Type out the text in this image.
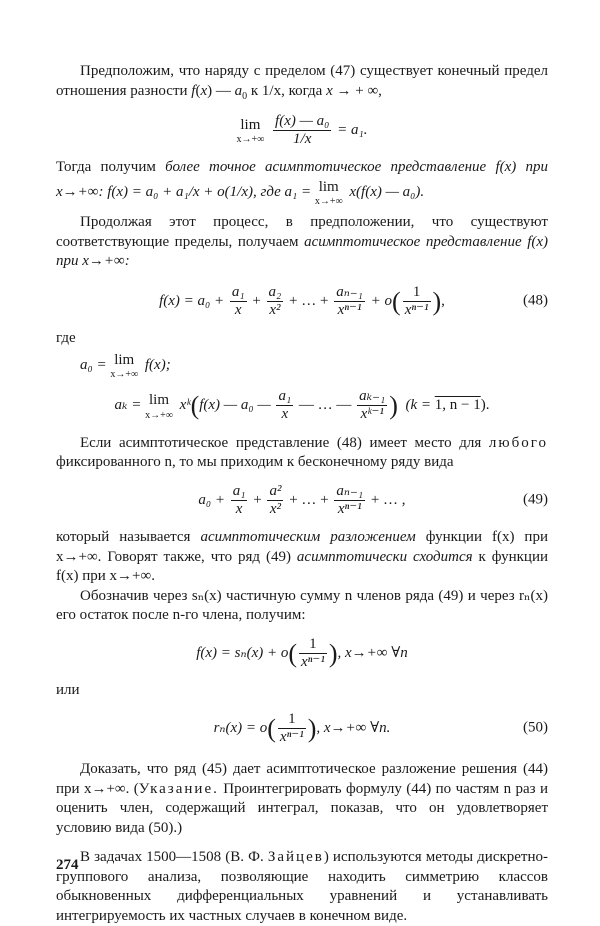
Предположим, что наряду с пределом (47) существует конечный предел отношения разности f(x) — $a_0$ к 1/x, когда x → + ∞,

lim
x→+∞
$\frac{\text{f(x) — a₀}}{1/x} = a_1$.

Тогда получим более точное асимптотическое представление f(x) при x→+∞: f(x) = a₀ + a₁/x + o(1/x), где a₁ = lim
x→+∞
x(f(x) — a₀).

Продолжая этот процесс, в предположении, что существуют соответствующие пределы, получаем асимптотическое представление f(x) при x→+∞:

$f(x) = a_0 + \frac{\text{a₁}}{x} + \frac{\text{a₂}}{\text{x²}}$ + … + $\frac{\text{aₙ₋₁}}{\text{xⁿ⁻¹}} + o( \frac{1}{\text{xⁿ⁻¹}}$ ),	(48)
где
a₀ = lim
x→+∞
f(x);
aₖ = lim
x→+∞
xᵏ(f(x) — a₀ — $\frac{\text{a₁}}{x}$ — … — $\frac{\text{aₖ₋₁}}{\text{xᵏ⁻¹}}$ ) (k = 1, n − 1).

Если асимптотическое представление (48) имеет место для любого фиксированного n, то мы приходим к бесконечному ряду вида

$a_0 + \frac{\text{a₁}}{x} + \frac{\text{a²}}{\text{x²}}$ + … + $\frac{\text{aₙ₋₁}}{\text{xⁿ⁻¹}}$ + … ,	(49)

который называется асимптотическим разложением функции f(x) при x→+∞. Говорят также, что ряд (49) асимптотически сходится к функции f(x) при x→+∞.

Обозначив через sₙ(x) частичную сумму n членов ряда (49) и через rₙ(x) его остаток после n-го члена, получим:

$f(x) = s_n(x) + o( \frac{1}{\text{xⁿ⁻¹}}$ ), x→+∞ ∀n
или
$r_n(x) = o( \frac{1}{\text{xⁿ⁻¹}}$ ), x→+∞ ∀n.	(50)

Доказать, что ряд (45) дает асимптотическое разложение решения (44) при x→+∞. (Указание. Проинтегрировать формулу (44) по частям n раз и оценить член, содержащий интеграл, показав, что он удовлетворяет условию вида (50).)

В задачах 1500—1508 (В. Ф. Зайцев) используются методы дискретно-группового анализа, позволяющие находить симметрию классов обыкновенных дифференциальных уравнений и устанавливать интегрируемость их частных случаев в конечном виде.

274
